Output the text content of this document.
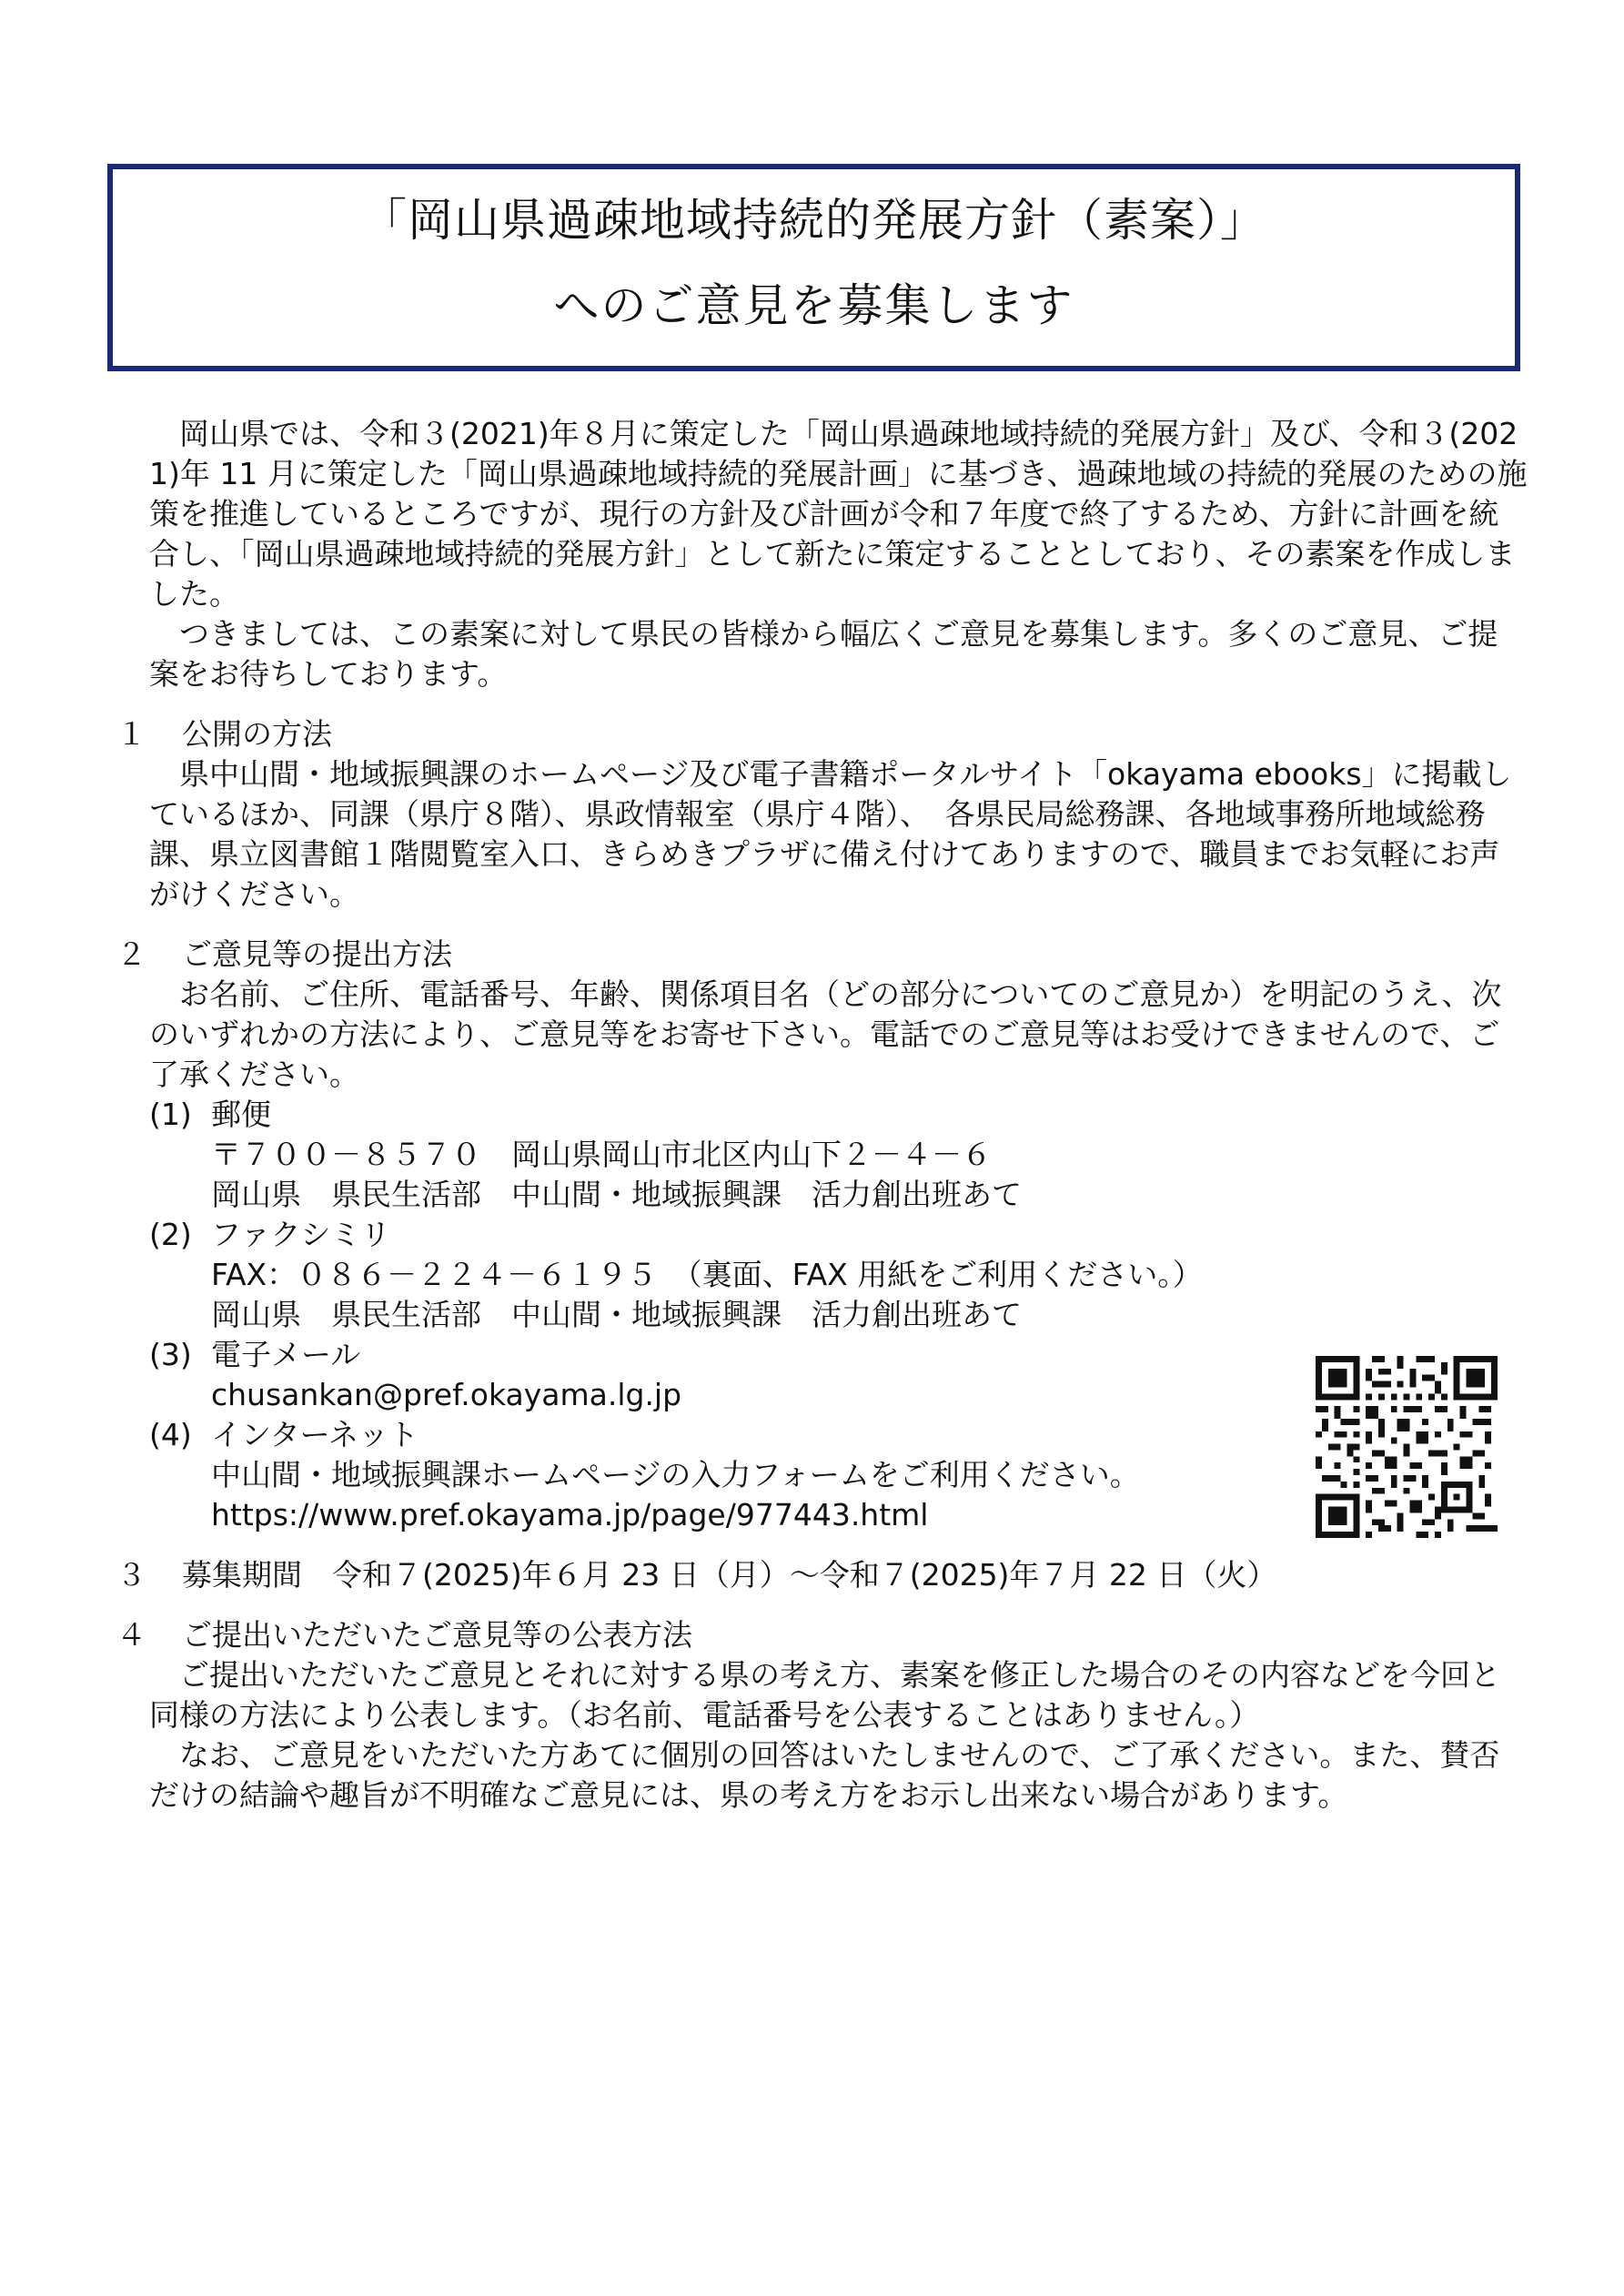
「岡山県過疎地域持続的発展方針（素案）」
へのご意見を募集します

岡山県では、令和３(2021)年８月に策定した「岡山県過疎地域持続的発展方針」及び、令和３(2021)年 11 月に策定した「岡山県過疎地域持続的発展計画」に基づき、過疎地域の持続的発展のための施策を推進しているところですが、現行の方針及び計画が令和７年度で終了するため、方針に計画を統合し、「岡山県過疎地域持続的発展方針」として新たに策定することとしており、その素案を作成しました。

つきましては、この素案に対して県民の皆様から幅広くご意見を募集します。多くのご意見、ご提案をお待ちしております。

１ 公開の方法

県中山間・地域振興課のホームページ及び電子書籍ポータルサイト「okayama ebooks」に掲載しているほか、同課（県庁８階）、県政情報室（県庁４階）、　各県民局総務課、各地域事務所地域総務課、県立図書館１階閲覧室入口、きらめきプラザに備え付けてありますので、職員までお気軽にお声がけください。

２ ご意見等の提出方法

お名前、ご住所、電話番号、年齢、関係項目名（どの部分についてのご意見か）を明記のうえ、次のいずれかの方法により、ご意見等をお寄せ下さい。電話でのご意見等はお受けできませんので、ご了承ください。

(1) 郵便
〒７００－８５７０　岡山県岡山市北区内山下２－４－６
岡山県　県民生活部　中山間・地域振興課　活力創出班あて
(2) ファクシミリ
FAX：０８６－２２４－６１９５　（裏面、FAX 用紙をご利用ください。）
岡山県　県民生活部　中山間・地域振興課　活力創出班あて
(3) 電子メール
chusankan@pref.okayama.lg.jp
(4) インターネット
中山間・地域振興課ホームページの入力フォームをご利用ください。
https://www.pref.okayama.jp/page/977443.html
３ 募集期間　 令和７(2025)年６月 23 日（月）～令和７(2025)年７月 22 日（火）
４ ご提出いただいたご意見等の公表方法

ご提出いただいたご意見とそれに対する県の考え方、素案を修正した場合のその内容などを今回と同様の方法により公表します。（お名前、電話番号を公表することはありません。）

なお、ご意見をいただいた方あてに個別の回答はいたしませんので、ご了承ください。また、賛否だけの結論や趣旨が不明確なご意見には、県の考え方をお示し出来ない場合があります。
